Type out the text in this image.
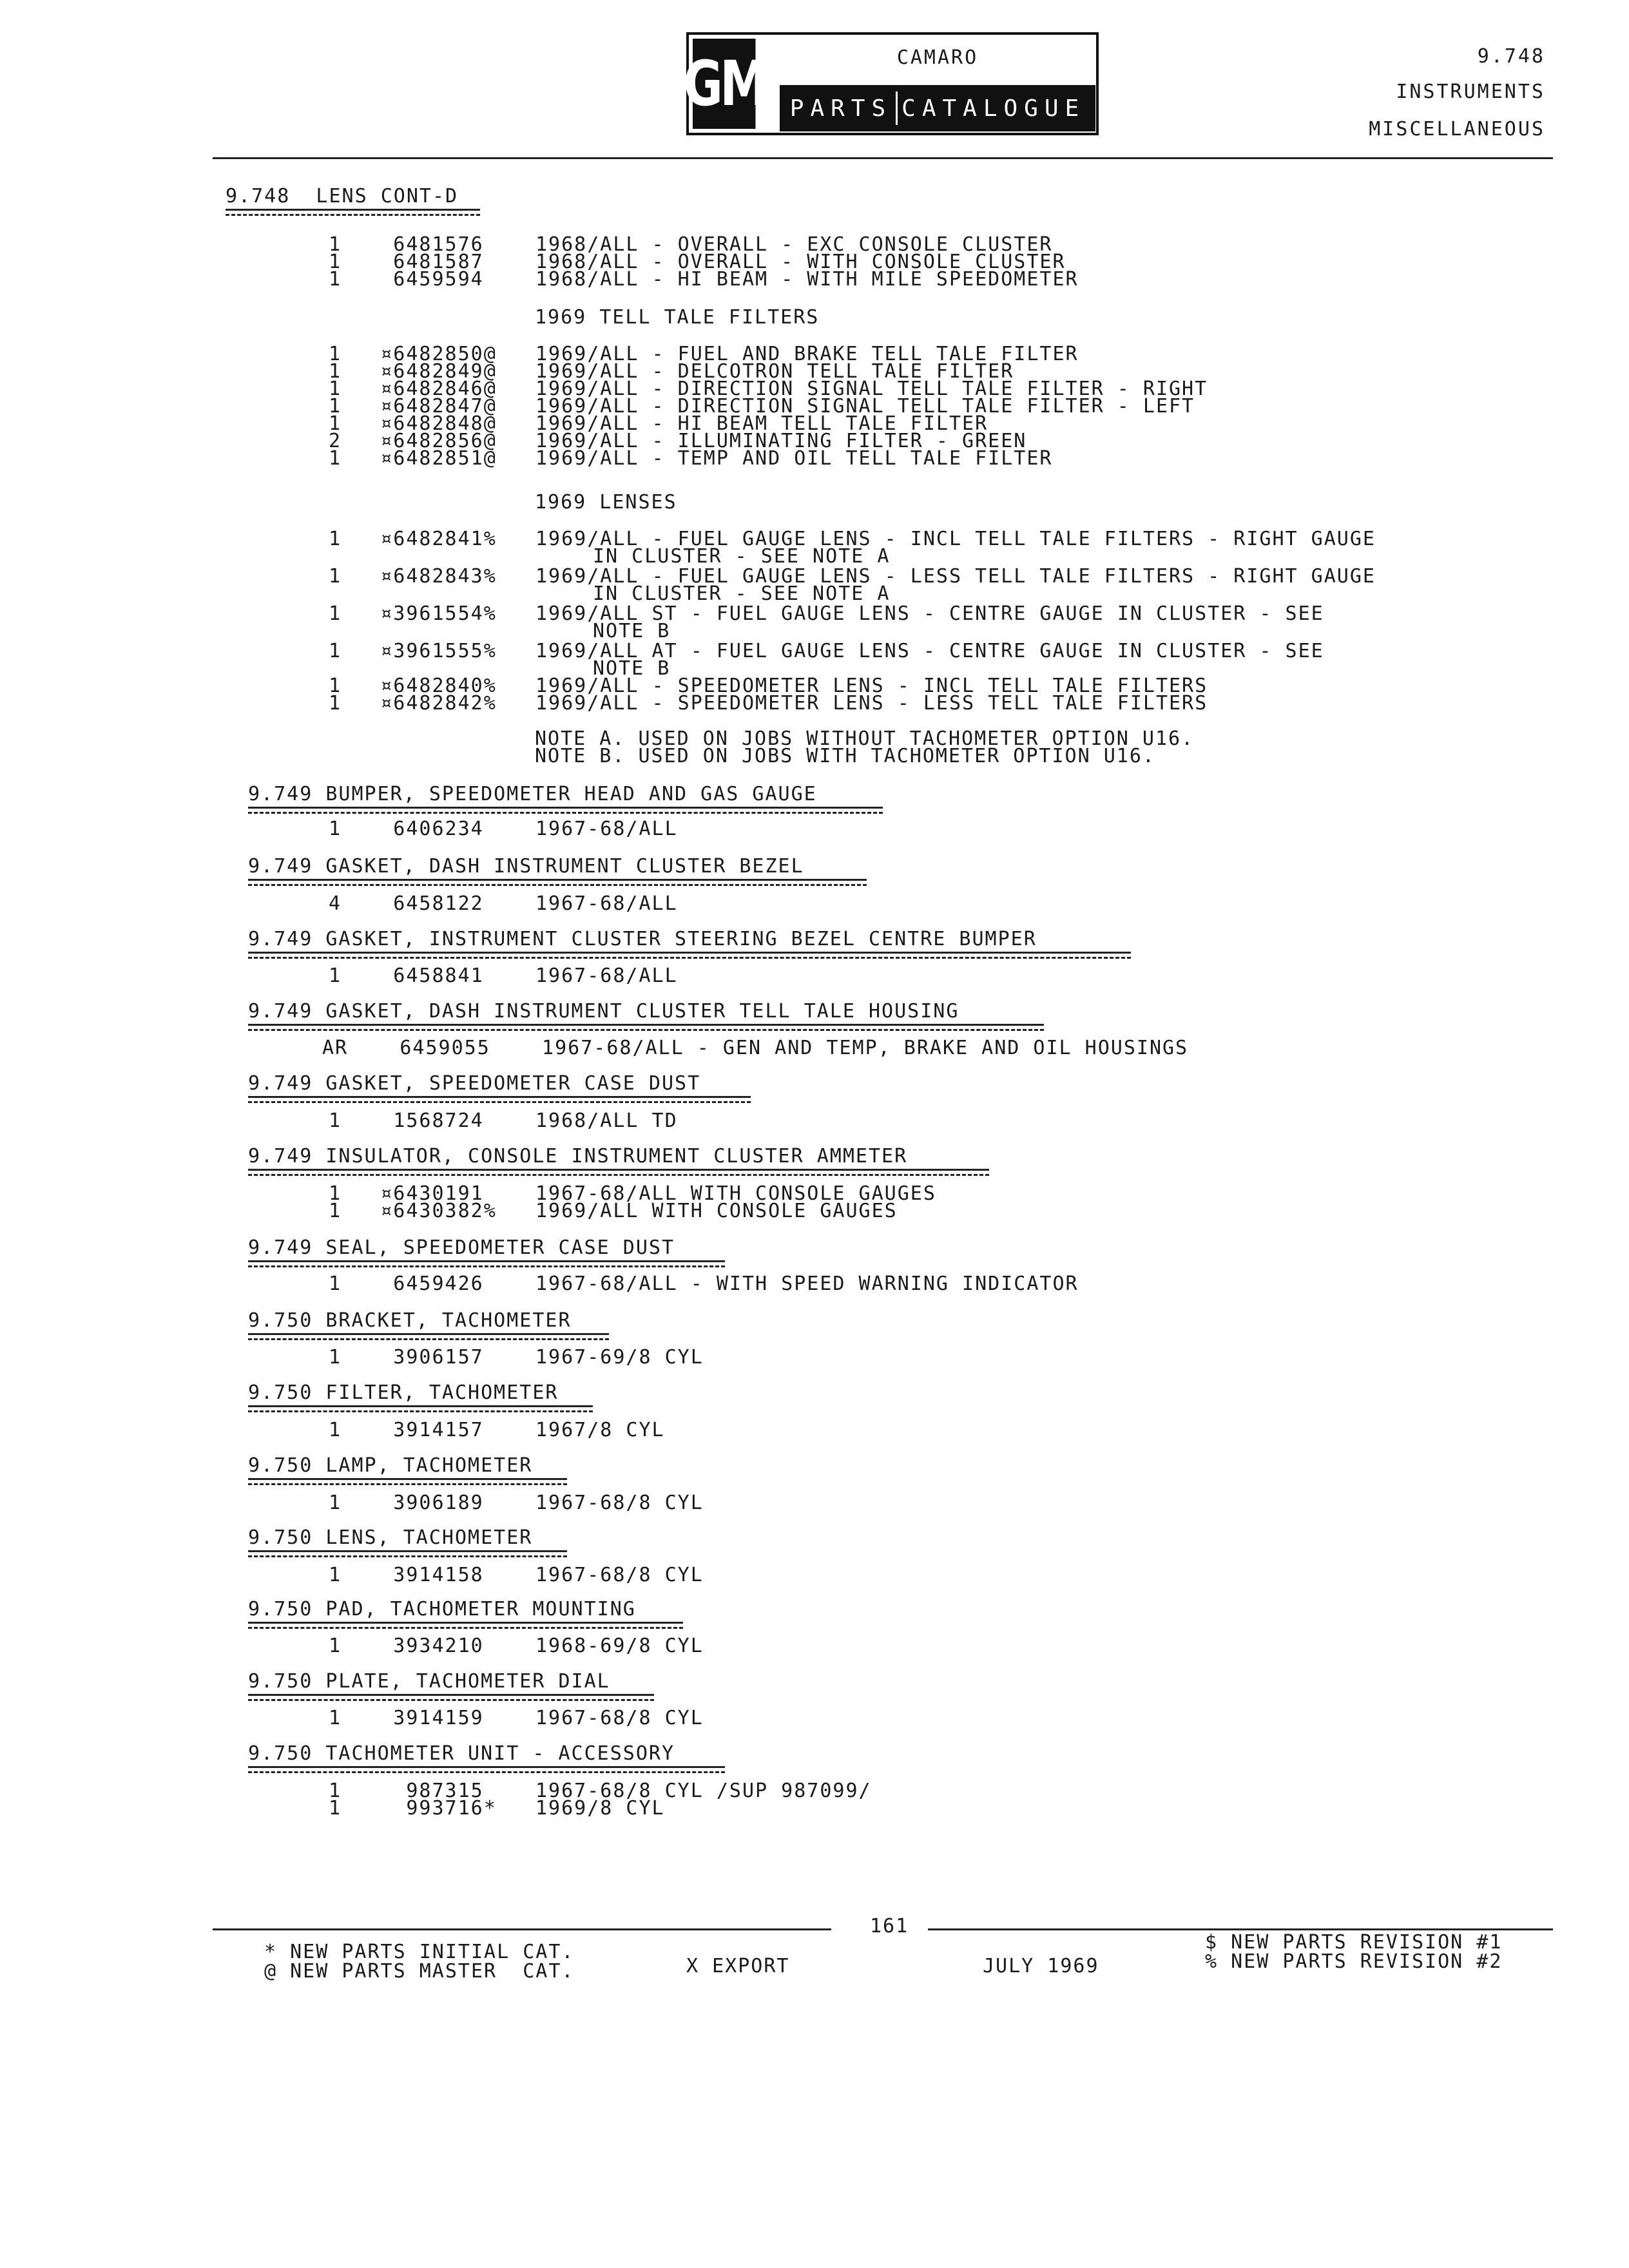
GM	CAMARO
PARTS CATALOGUE
9.748
INSTRUMENTS
MISCELLANEOUS
9.748  LENS CONT-D
1    6481576    1968/ALL - OVERALL - EXC CONSOLE CLUSTER
1    6481587    1968/ALL - OVERALL - WITH CONSOLE CLUSTER
1    6459594    1968/ALL - HI BEAM - WITH MILE SPEEDOMETER
1969 TELL TALE FILTERS
1   ¤6482850@   1969/ALL - FUEL AND BRAKE TELL TALE FILTER
1   ¤6482849@   1969/ALL - DELCOTRON TELL TALE FILTER
1   ¤6482846@   1969/ALL - DIRECTION SIGNAL TELL TALE FILTER - RIGHT
1   ¤6482847@   1969/ALL - DIRECTION SIGNAL TELL TALE FILTER - LEFT
1   ¤6482848@   1969/ALL - HI BEAM TELL TALE FILTER
2   ¤6482856@   1969/ALL - ILLUMINATING FILTER - GREEN
1   ¤6482851@   1969/ALL - TEMP AND OIL TELL TALE FILTER
1969 LENSES
1   ¤6482841%   1969/ALL - FUEL GAUGE LENS - INCL TELL TALE FILTERS - RIGHT GAUGE
IN CLUSTER - SEE NOTE A
1   ¤6482843%   1969/ALL - FUEL GAUGE LENS - LESS TELL TALE FILTERS - RIGHT GAUGE
IN CLUSTER - SEE NOTE A
1   ¤3961554%   1969/ALL ST - FUEL GAUGE LENS - CENTRE GAUGE IN CLUSTER - SEE
NOTE B
1   ¤3961555%   1969/ALL AT - FUEL GAUGE LENS - CENTRE GAUGE IN CLUSTER - SEE
NOTE B
1   ¤6482840%   1969/ALL - SPEEDOMETER LENS - INCL TELL TALE FILTERS
1   ¤6482842%   1969/ALL - SPEEDOMETER LENS - LESS TELL TALE FILTERS
NOTE A. USED ON JOBS WITHOUT TACHOMETER OPTION U16.
NOTE B. USED ON JOBS WITH TACHOMETER OPTION U16.
9.749 BUMPER, SPEEDOMETER HEAD AND GAS GAUGE
1    6406234    1967-68/ALL
9.749 GASKET, DASH INSTRUMENT CLUSTER BEZEL
4    6458122    1967-68/ALL
9.749 GASKET, INSTRUMENT CLUSTER STEERING BEZEL CENTRE BUMPER
1    6458841    1967-68/ALL
9.749 GASKET, DASH INSTRUMENT CLUSTER TELL TALE HOUSING
AR    6459055    1967-68/ALL - GEN AND TEMP, BRAKE AND OIL HOUSINGS
9.749 GASKET, SPEEDOMETER CASE DUST
1    1568724    1968/ALL TD
9.749 INSULATOR, CONSOLE INSTRUMENT CLUSTER AMMETER
1   ¤6430191    1967-68/ALL WITH CONSOLE GAUGES
1   ¤6430382%   1969/ALL WITH CONSOLE GAUGES
9.749 SEAL, SPEEDOMETER CASE DUST
1    6459426    1967-68/ALL - WITH SPEED WARNING INDICATOR
9.750 BRACKET, TACHOMETER
1    3906157    1967-69/8 CYL
9.750 FILTER, TACHOMETER
1    3914157    1967/8 CYL
9.750 LAMP, TACHOMETER
1    3906189    1967-68/8 CYL
9.750 LENS, TACHOMETER
1    3914158    1967-68/8 CYL
9.750 PAD, TACHOMETER MOUNTING
1    3934210    1968-69/8 CYL
9.750 PLATE, TACHOMETER DIAL
1    3914159    1967-68/8 CYL
9.750 TACHOMETER UNIT - ACCESSORY
1     987315    1967-68/8 CYL /SUP 987099/
1     993716*   1969/8 CYL
161
* NEW PARTS INITIAL CAT.
@ NEW PARTS MASTER  CAT.	X EXPORT	JULY 1969
$ NEW PARTS REVISION #1
% NEW PARTS REVISION #2
